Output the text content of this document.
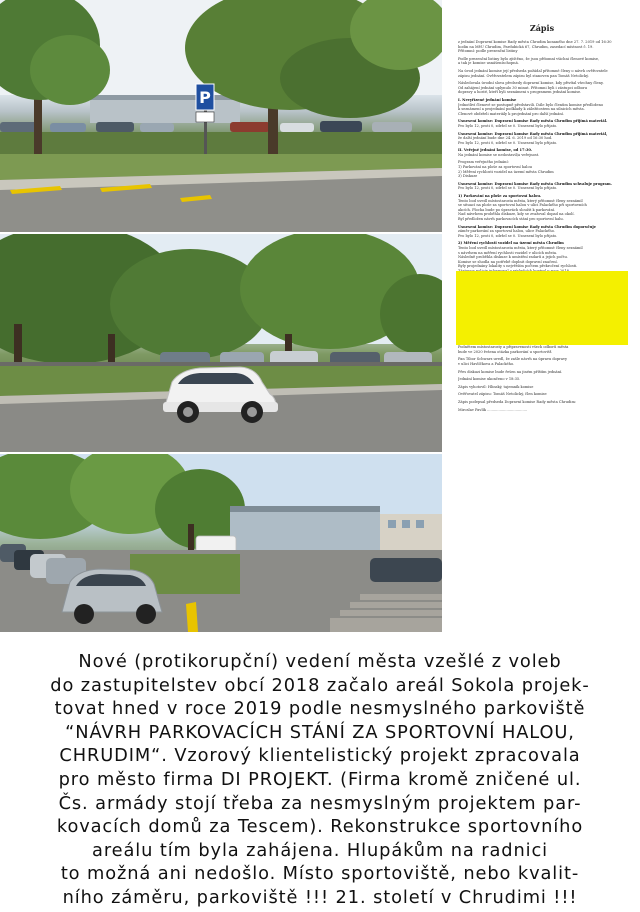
P
Zápis
z jednání Dopravní komise Rady města Chrudim konaného dne 27. 7. 2019 od 16:30
hodin na MěÚ Chrudim, Pardubická 67, Chrudim, zasedací místnost č. 19.
Přítomní: podle prezenční listiny
Podle prezenční listiny bylo zjištěno, že jsou přítomní všichni členové komise,
a tak je komise usnášeníschopná.
Na úvod jednání komise její předseda požádal přítomné členy o návrh ověřovatele
zápisu jednání. Ověřovatelem zápisu byl stanoven pan Tomáš Netolický.
Následovala úvodní slova předsedy dopravní komise, kdy přivítal všechny členy.
Od zahájení jednání uplynulo 30 minut. Přítomni byli i zástupci odboru
dopravy a hosté, kteří byli seznámeni s programem jednání komise.
I. Nevyřízené jednání komise
Jednotliví členové se postupně představili. Dále bylo členům komise předloženo
k seznámení a projednání podklady k záležitostem na silnicích města.
Členové obdrželi materiály k projednání pro další jednání.
Usnesení komise: Dopravní komise Rady města Chrudim přijímá materiál.
Pro bylo 12, proti 0, zdržel se 0. Usnesení bylo přijato.
Usnesení komise: Dopravní komise Rady města Chrudim přijímá materiál,
že další jednání bude dne 24. 6. 2019 od 16:30 hod.
Pro bylo 12, proti 0, zdržel se 0. Usnesení bylo přijato.
II. Veřejné jednání komise, od 17:30.
Na jednání komise se nedostavil/a veřejnost.
Program veřejného jednání:
1) Parkování na ploše za sportovní halou
2) Měření rychlosti vozidel na území města Chrudim
3) Diskuze
Usnesení komise: Dopravní komise Rady města Chrudim schvaluje program.
Pro bylo 12, proti 0, zdržel se 0. Usnesení bylo přijato.
1) Parkování na ploše za sportovní halou.
Tento bod uvedl místostarosta města, který přítomné členy seznámil
se situací na ploše za sportovní halou v ulici Palackého při sportovních
akcích. Plocha bude po úpravách sloužit k parkování.
Nad návrhem proběhla diskuze, kdy se zvažoval dopad na okolí.
Byl předložen návrh parkovacích stání pro sportovní halu.
Usnesení komise: Dopravní komise Rady města Chrudim doporučuje
záměr parkování za sportovní halou, ulice Palackého.
Pro bylo 12, proti 0, zdržel se 0. Usnesení bylo přijato.
2) Měření rychlosti vozidel na území města Chrudim
Tento bod uvedl místostarosta města, který přítomné členy seznámil
s návrhem na měření rychlosti vozidel v ulicích města.
Následně proběhla diskuze k umístění radarů a jejich počtu.
Komise se shodla na potřebě doplnit dopravní značení.
Byly projednány lokality s největším počtem překročení rychlosti.
Podnětem místostarosty a připravenosti všech odborů města
bude ve 2020 řešena otázka parkování u sportovišť.
Pan Tibor Schwarz uvedl, že zašle návrh na úpravu dopravy
v ulici Havlíčkova a Palackého.
Přes diskuzi komise bude řešen na jiném příštím jednání.
Jednání komise ukončeno v 18:35.
Zápis vyhotovil: Hlinský, tajemník komise
Ověřovatel zápisu: Tomáš Netolický, člen komise
Zápis podepsal předseda Dopravní komise Rady města Chrudim:
Miroslav Pavlík ...................................
Nové (protikorupční) vedení města vzešlé z voleb
do zastupitelstev obcí 2018 začalo areál Sokola projek-
tovat hned v roce 2019 podle nesmyslného parkoviště
“NÁVRH PARKOVACÍCH STÁNÍ ZA SPORTOVNÍ HALOU,
CHRUDIM“. Vzorový klientelistický projekt zpracovala
pro město firma DI PROJEKT. (Firma kromě zničené ul.
Čs. armády stojí třeba za nesmyslným projektem par-
kovacích domů za Tescem). Rekonstrukce sportovního
areálu tím byla zahájena. Hlupákům na radnici
to možná ani nedošlo. Místo sportoviště, nebo kvalit-
ního záměru, parkoviště !!! 21. století v Chrudimi !!!
